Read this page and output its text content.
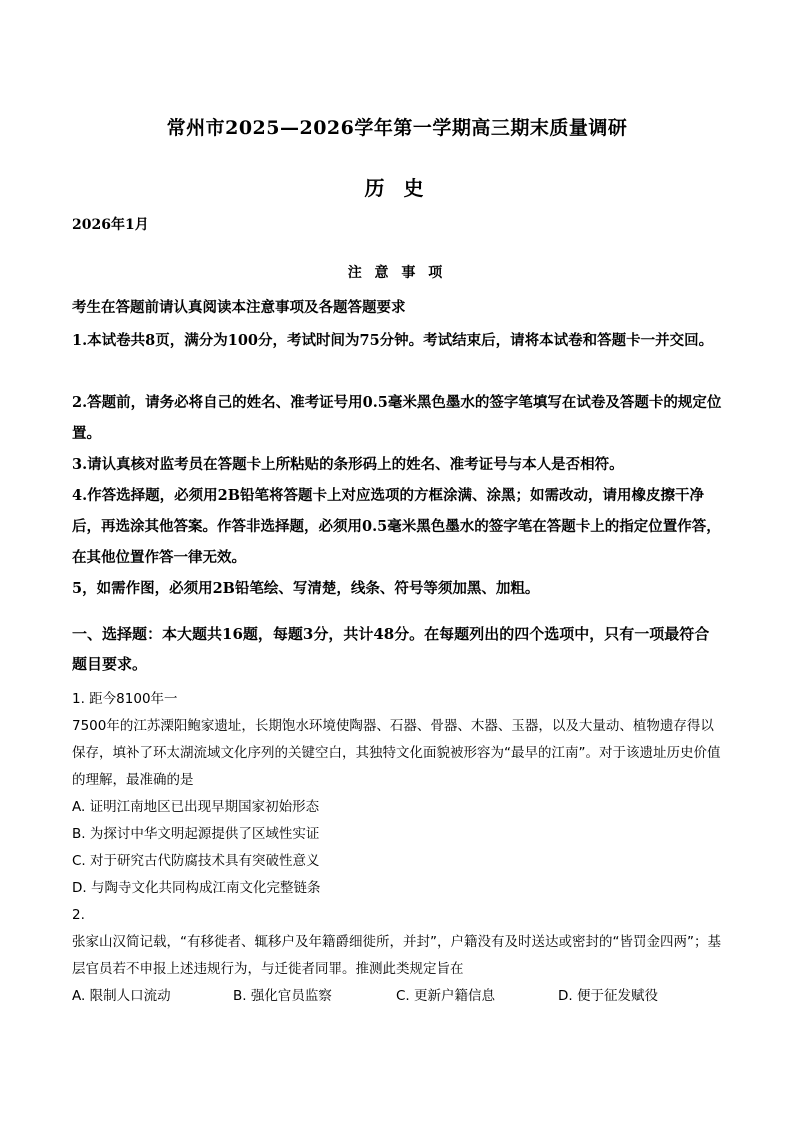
常州市2025—2026学年第一学期高三期末质量调研
历 史
2026年1月
注 意 事 项
考生在答题前请认真阅读本注意事项及各题答题要求
1.本试卷共8页，满分为100分，考试时间为75分钟。考试结束后，请将本试卷和答题卡一并交回。
2.答题前，请务必将自己的姓名、准考证号用0.5毫米黑色墨水的签字笔填写在试卷及答题卡的规定位置。
3.请认真核对监考员在答题卡上所粘贴的条形码上的姓名、准考证号与本人是否相符。
4.作答选择题，必须用2B铅笔将答题卡上对应选项的方框涂满、涂黑；如需改动，请用橡皮擦干净后，再选涂其他答案。作答非选择题，必须用0.5毫米黑色墨水的签字笔在答题卡上的指定位置作答，在其他位置作答一律无效。
5，如需作图，必须用2B铅笔绘、写清楚，线条、符号等须加黑、加粗。
一、选择题：本大题共16题，每题3分，共计48分。在每题列出的四个选项中，只有一项最符合题目要求。
1. 距今8100年一
7500年的江苏溧阳鲍家遗址，长期饱水环境使陶器、石器、骨器、木器、玉器，以及大量动、植物遗存得以保存，填补了环太湖流域文化序列的关键空白，其独特文化面貌被形容为“最早的江南”。对于该遗址历史价值的理解，最准确的是
A. 证明江南地区已出现早期国家初始形态
B. 为探讨中华文明起源提供了区域性实证
C. 对于研究古代防腐技术具有突破性意义
D. 与陶寺文化共同构成江南文化完整链条
2.
张家山汉简记载，“有移徙者、辄移户及年籍爵细徙所，并封”，户籍没有及时送达或密封的“皆罚金四两”；基层官员若不申报上述违规行为，与迁徙者同罪。推测此类规定旨在
A. 限制人口流动	B. 强化官员监察	C. 更新户籍信息	D. 便于征发赋役
